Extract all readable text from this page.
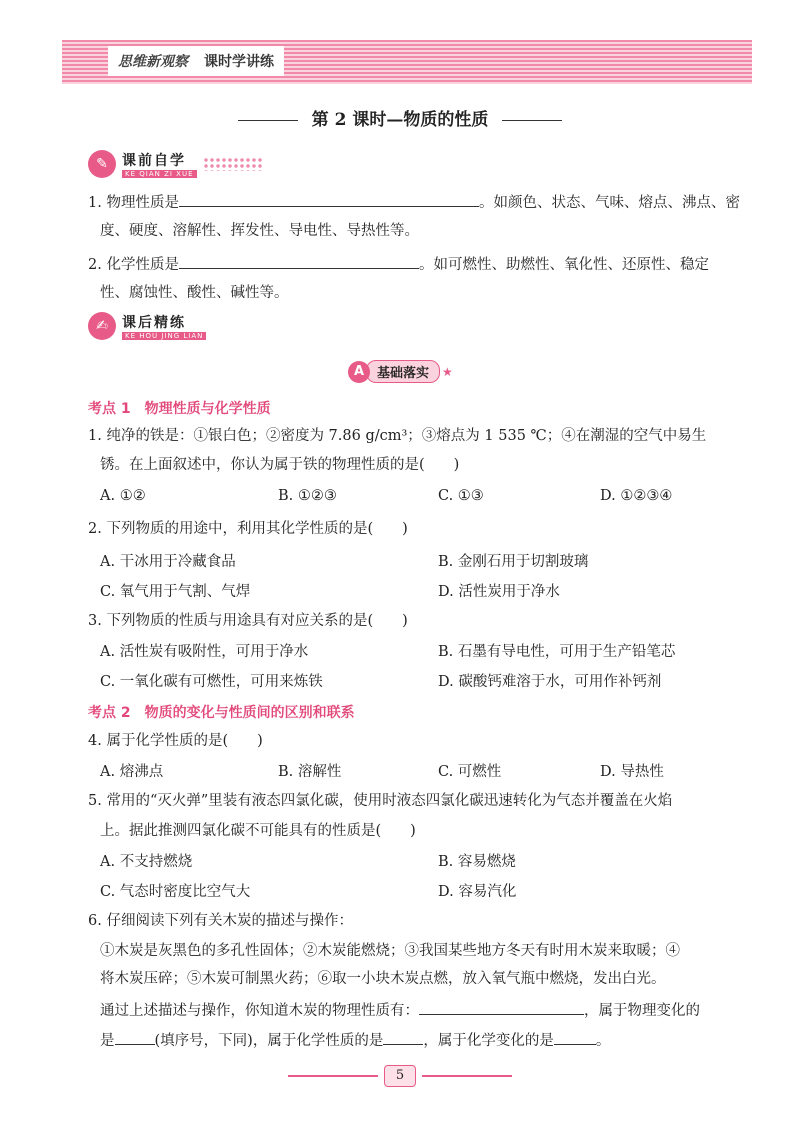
思维新观察 课时学讲练
第 2 课时—物质的性质
✎	课前自学
KE QIAN ZI XUE
1. 物理性质是	。如颜色、状态、气味、熔点、沸点、密
度、硬度、溶解性、挥发性、导电性、导热性等。
2. 化学性质是	。如可燃性、助燃性、氧化性、还原性、稳定
性、腐蚀性、酸性、碱性等。
✍	课后精练
KE HOU JING LIAN
A 基础落实	★
考点 1　物理性质与化学性质
1. 纯净的铁是：①银白色；②密度为 7.86 g/cm³；③熔点为 1 535 ℃；④在潮湿的空气中易生
锈。在上面叙述中，你认为属于铁的物理性质的是(　　)
A. ①②	B. ①②③	C. ①③	D. ①②③④
2. 下列物质的用途中，利用其化学性质的是(　　)
A. 干冰用于冷藏食品	B. 金刚石用于切割玻璃
C. 氧气用于气割、气焊	D. 活性炭用于净水
3. 下列物质的性质与用途具有对应关系的是(　　)
A. 活性炭有吸附性，可用于净水	B. 石墨有导电性，可用于生产铅笔芯
C. 一氧化碳有可燃性，可用来炼铁	D. 碳酸钙难溶于水，可用作补钙剂
考点 2　物质的变化与性质间的区别和联系
4. 属于化学性质的是(　　)
A. 熔沸点	B. 溶解性	C. 可燃性	D. 导热性
5. 常用的“灭火弹”里装有液态四氯化碳，使用时液态四氯化碳迅速转化为气态并覆盖在火焰
上。据此推测四氯化碳不可能具有的性质是(　　)
A. 不支持燃烧	B. 容易燃烧
C. 气态时密度比空气大	D. 容易汽化
6. 仔细阅读下列有关木炭的描述与操作：
①木炭是灰黑色的多孔性固体；②木炭能燃烧；③我国某些地方冬天有时用木炭来取暖；④
将木炭压碎；⑤木炭可制黑火药；⑥取一小块木炭点燃，放入氧气瓶中燃烧，发出白光。
通过上述描述与操作，你知道木炭的物理性质有：	，属于物理变化的
是	(填序号，下同)，属于化学性质的是	，属于化学变化的是	。
5
